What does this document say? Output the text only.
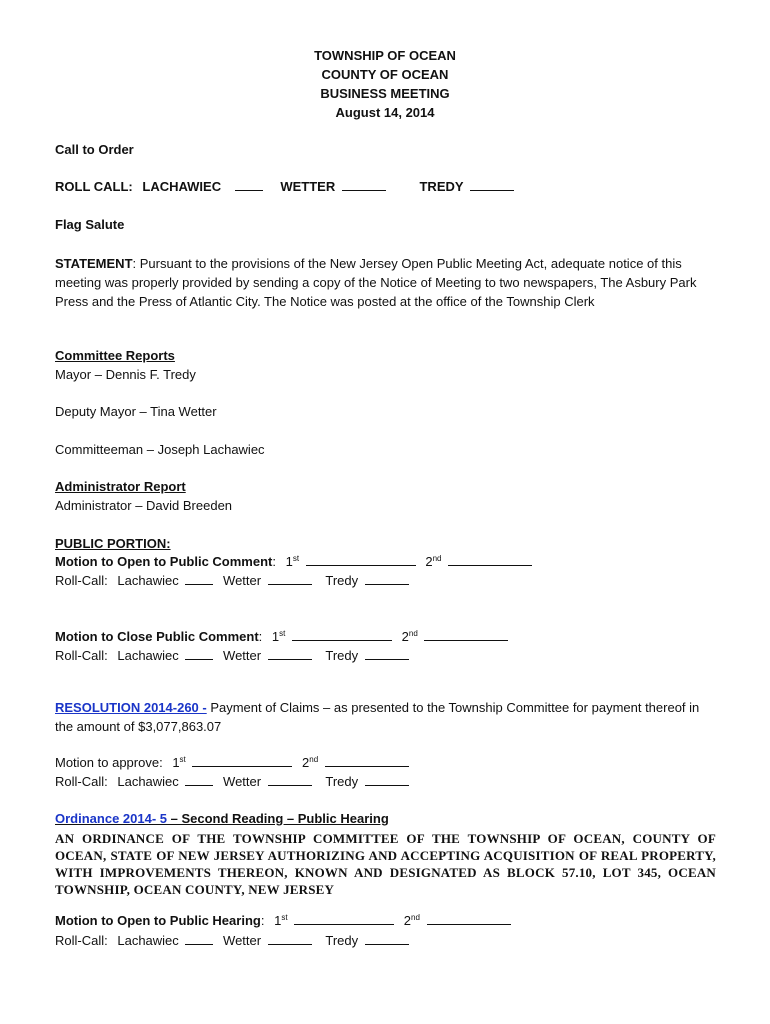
TOWNSHIP OF OCEAN
COUNTY OF OCEAN
BUSINESS MEETING
August 14, 2014
Call to Order
ROLL CALL: LACHAWIEC	WETTER	TREDY
Flag Salute
STATEMENT: Pursuant to the provisions of the New Jersey Open Public Meeting Act, adequate notice of this meeting was properly provided by sending a copy of the Notice of Meeting to two newspapers, The Asbury Park Press and the Press of Atlantic City. The Notice was posted at the office of the Township Clerk
Committee Reports
Mayor – Dennis F. Tredy
Deputy Mayor – Tina Wetter
Committeeman – Joseph Lachawiec
Administrator Report
Administrator – David Breeden
PUBLIC PORTION:
Motion to Open to Public Comment: 1st	2nd
Roll-Call: Lachawiec	Wetter	Tredy
Motion to Close Public Comment: 1st	2nd
Roll-Call: Lachawiec	Wetter	Tredy
RESOLUTION 2014-260 - Payment of Claims – as presented to the Township Committee for payment thereof in the amount of $3,077,863.07
Motion to approve: 1st	2nd
Roll-Call: Lachawiec	Wetter	Tredy
Ordinance 2014- 5 – Second Reading – Public Hearing
AN ORDINANCE OF THE TOWNSHIP COMMITTEE OF THE TOWNSHIP OF OCEAN, COUNTY OF OCEAN, STATE OF NEW JERSEY AUTHORIZING AND ACCEPTING ACQUISITION OF REAL PROPERTY, WITH IMPROVEMENTS THEREON, KNOWN AND DESIGNATED AS BLOCK 57.10, LOT 345, OCEAN TOWNSHIP, OCEAN COUNTY, NEW JERSEY
Motion to Open to Public Hearing: 1st	2nd
Roll-Call: Lachawiec	Wetter	Tredy
